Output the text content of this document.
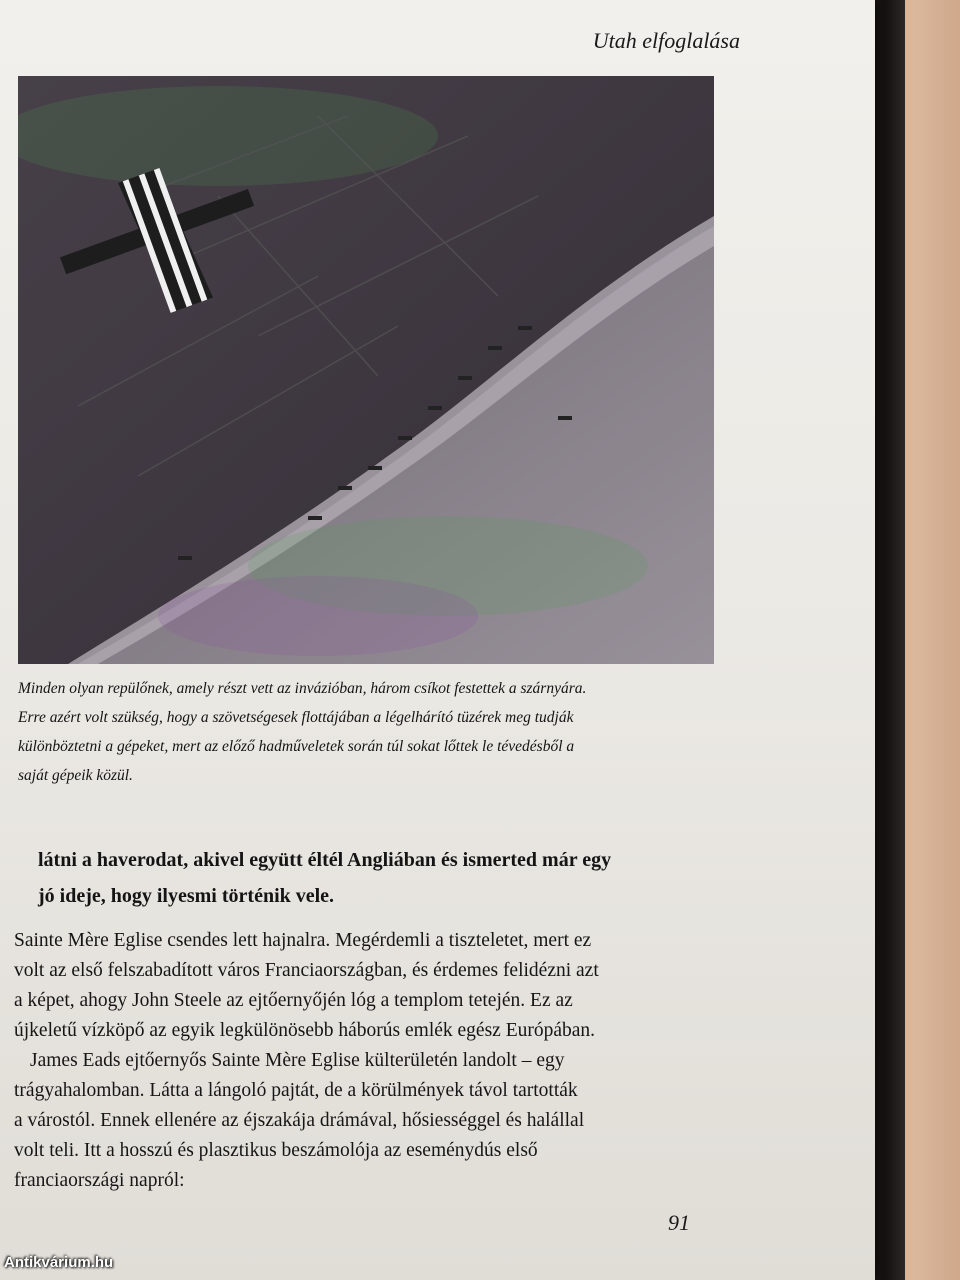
Utah elfoglalása

Minden olyan repülőnek, amely részt vett az invázióban, három csíkot festettek a szárnyára.

Erre azért volt szükség, hogy a szövetségesek flottájában a légelhárító tüzérek meg tudják

különböztetni a gépeket, mert az előző hadműveletek során túl sokat lőttek le tévedésből a

saját gépeik közül.

látni a haverodat, akivel együtt éltél Angliában és ismerted már egy

jó ideje, hogy ilyesmi történik vele.

Sainte Mère Eglise csendes lett hajnalra. Megérdemli a tiszteletet, mert ez

volt az első felszabadított város Franciaországban, és érdemes felidézni azt

a képet, ahogy John Steele az ejtőernyőjén lóg a templom tetején. Ez az

újkeletű vízköpő az egyik legkülönösebb háborús emlék egész Európában.

James Eads ejtőernyős Sainte Mère Eglise külterületén landolt – egy

trágyahalomban. Látta a lángoló pajtát, de a körülmények távol tartották

a várostól. Ennek ellenére az éjszakája drámával, hősiességgel és halállal

volt teli. Itt a hosszú és plasztikus beszámolója az eseménydús első

franciaországi napról:

91
Antikvárium.hu
